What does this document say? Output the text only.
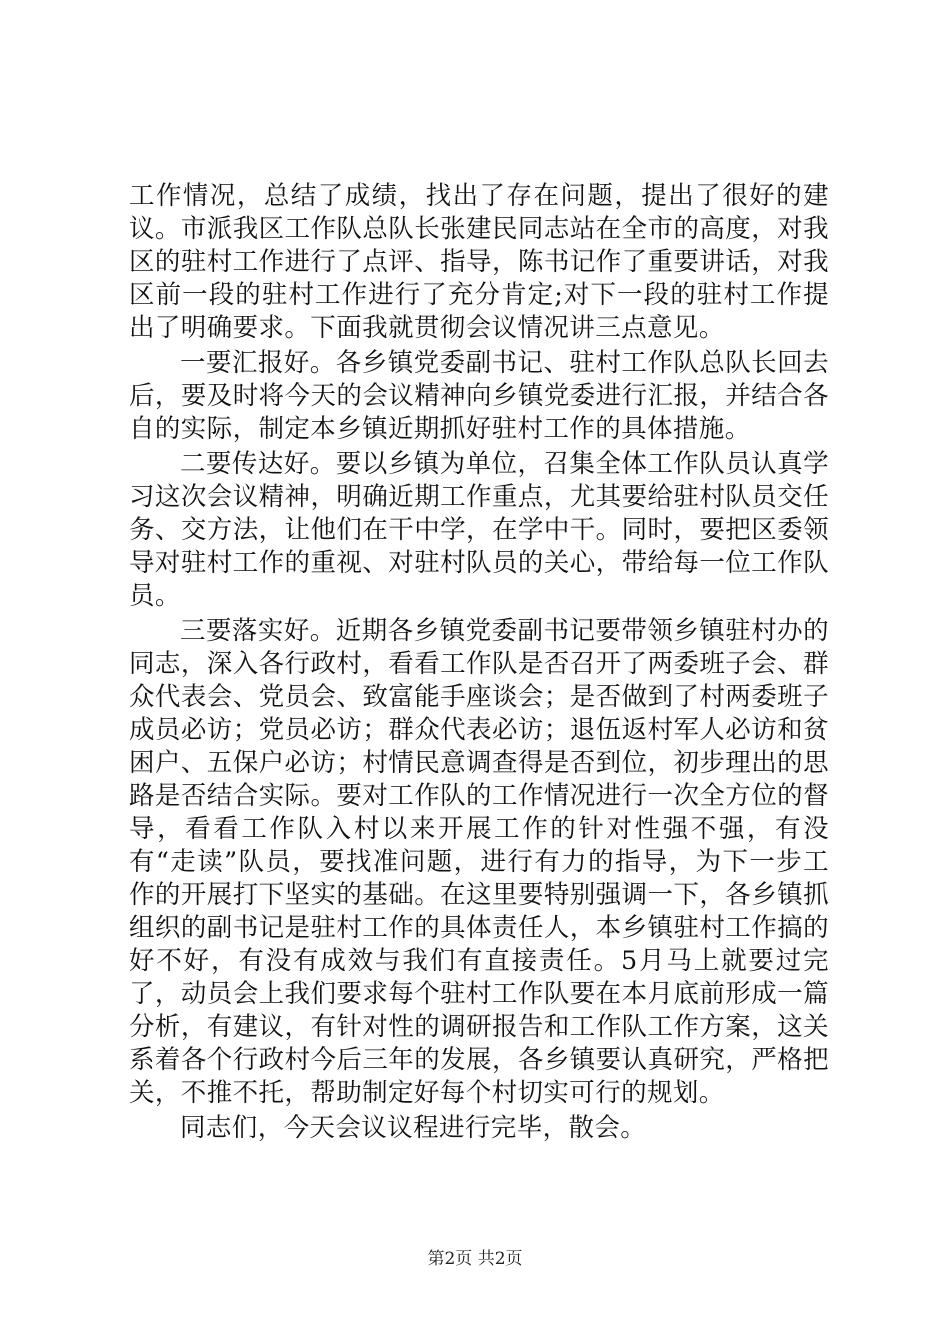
工作情况，总结了成绩，找出了存在问题，提出了很好的建议。市派我区工作队总队长张建民同志站在全市的高度，对我区的驻村工作进行了点评、指导，陈书记作了重要讲话，对我区前一段的驻村工作进行了充分肯定;对下一段的驻村工作提出了明确要求。下面我就贯彻会议情况讲三点意见。

一要汇报好。各乡镇党委副书记、驻村工作队总队长回去后，要及时将今天的会议精神向乡镇党委进行汇报，并结合各自的实际，制定本乡镇近期抓好驻村工作的具体措施。

二要传达好。要以乡镇为单位，召集全体工作队员认真学习这次会议精神，明确近期工作重点，尤其要给驻村队员交任务、交方法，让他们在干中学，在学中干。同时，要把区委领导对驻村工作的重视、对驻村队员的关心，带给每一位工作队员。

三要落实好。近期各乡镇党委副书记要带领乡镇驻村办的同志，深入各行政村，看看工作队是否召开了两委班子会、群众代表会、党员会、致富能手座谈会；是否做到了村两委班子成员必访；党员必访；群众代表必访；退伍返村军人必访和贫困户、五保户必访；村情民意调查得是否到位，初步理出的思路是否结合实际。要对工作队的工作情况进行一次全方位的督导，看看工作队入村以来开展工作的针对性强不强，有没有“走读”队员，要找准问题，进行有力的指导，为下一步工作的开展打下坚实的基础。在这里要特别强调一下，各乡镇抓组织的副书记是驻村工作的具体责任人，本乡镇驻村工作搞的好不好，有没有成效与我们有直接责任。5月马上就要过完了，动员会上我们要求每个驻村工作队要在本月底前形成一篇分析，有建议，有针对性的调研报告和工作队工作方案，这关系着各个行政村今后三年的发展，各乡镇要认真研究，严格把关，不推不托，帮助制定好每个村切实可行的规划。

同志们，今天会议议程进行完毕，散会。

第2页 共2页
